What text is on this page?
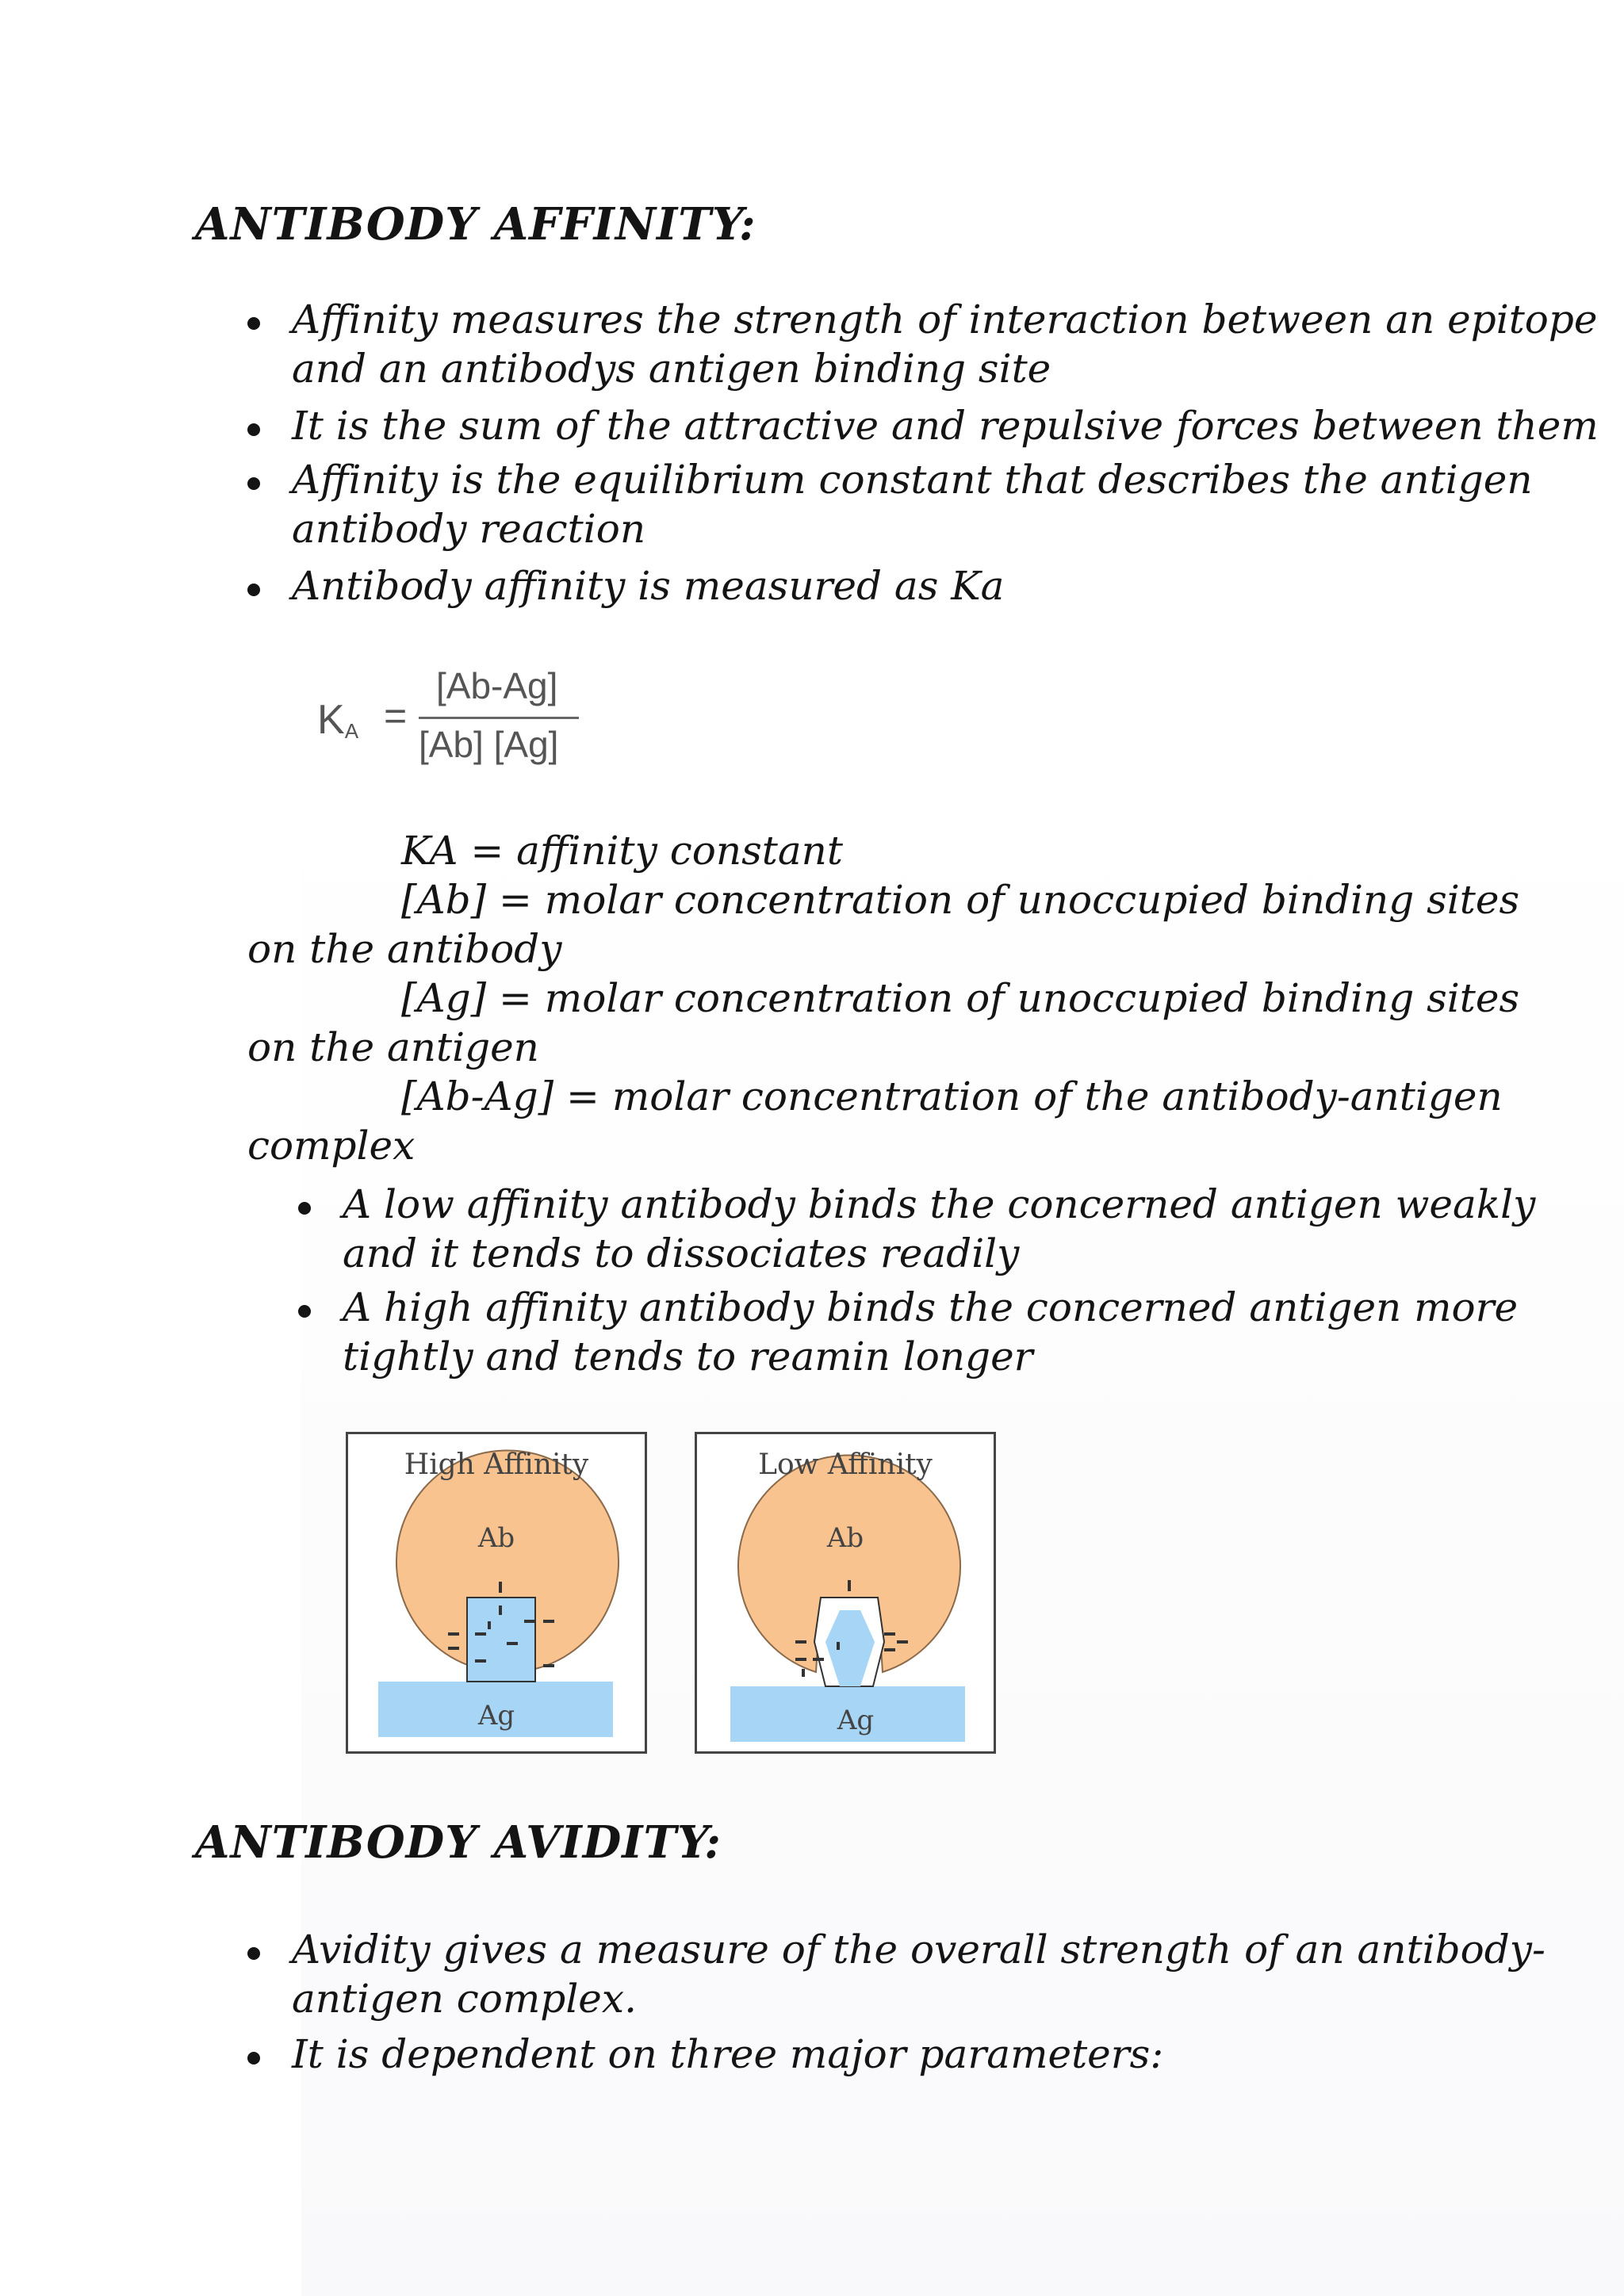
ANTIBODY AFFINITY:
Affinity measures the strength of interaction between an epitope
and an antibodys antigen binding site
It is the sum of the attractive and repulsive forces between them
Affinity is the equilibrium constant that describes the antigen
antibody reaction
Antibody affinity is measured as Ka
$K_A$ =
[Ab-Ag]
[Ab] [Ag]
KA = affinity constant
[Ab] = molar concentration of unoccupied binding sites
on the antibody
[Ag] = molar concentration of unoccupied binding sites
on the antigen
[Ab-Ag] = molar concentration of the antibody-antigen
complex
A low affinity antibody binds the concerned antigen weakly
and it tends to dissociates readily
A high affinity antibody binds the concerned antigen more
tightly and tends to reamin longer
High Affinity
Ab
Ag
Low Affinity
Ab
Ag
ANTIBODY AVIDITY:
Avidity gives a measure of the overall strength of an antibody-
antigen complex.
It is dependent on three major parameters:
